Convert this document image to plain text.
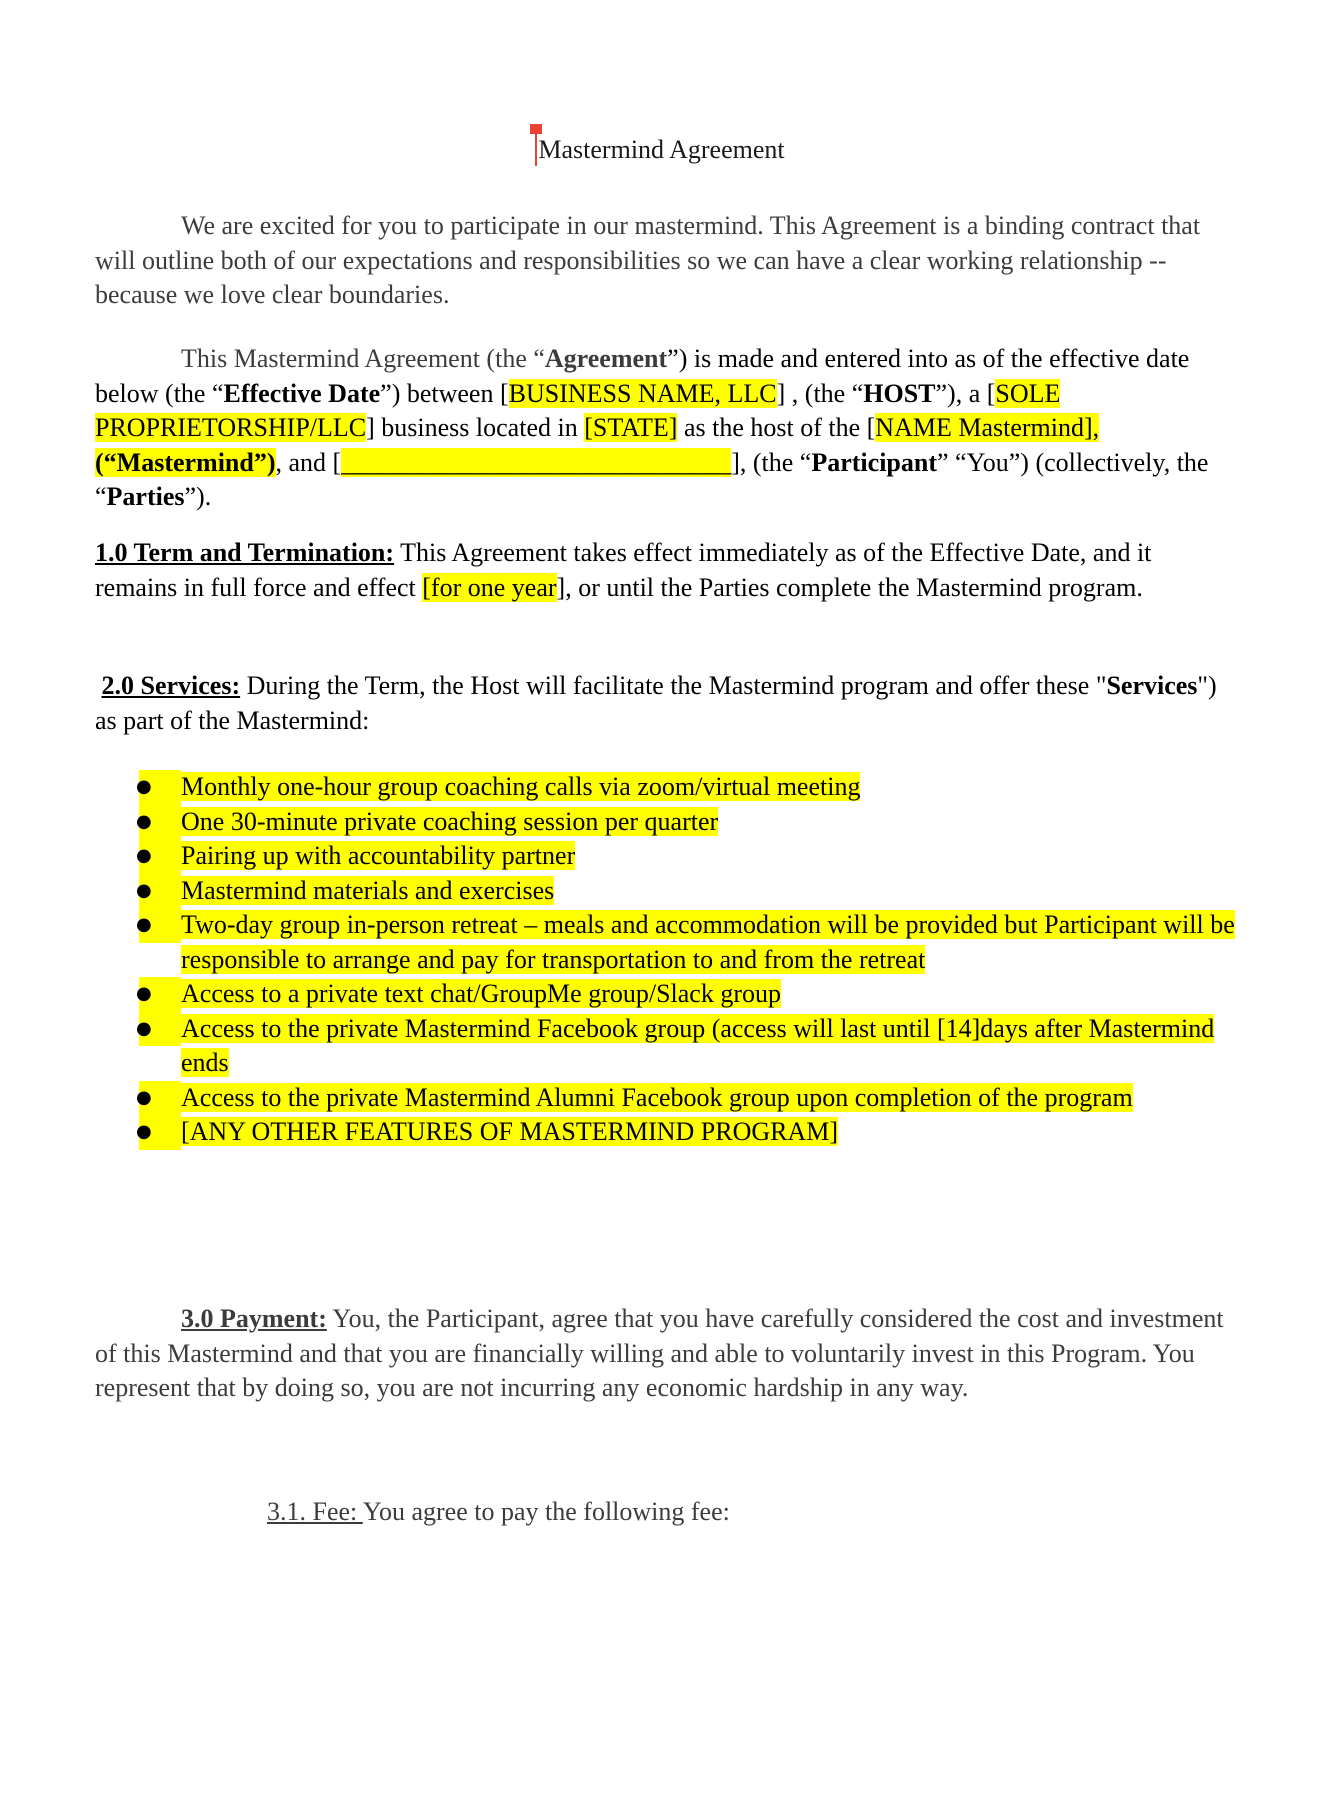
Mastermind Agreement
We are excited for you to participate in our mastermind. This Agreement is a binding contract that will outline both of our expectations and responsibilities so we can have a clear working relationship -- because we love clear boundaries.
This Mastermind Agreement (the “Agreement”) is made and entered into as of the effective date below (the “Effective Date”) between [BUSINESS NAME, LLC] , (the “HOST”), a [SOLE PROPRIETORSHIP/LLC] business located in [STATE] as the host of the [NAME Mastermind], (“Mastermind”), and [______________________________], (the “Participant” “You”) (collectively, the “Parties”).
1.0 Term and Termination: This Agreement takes effect immediately as of the Effective Date, and it remains in full force and effect [for one year], or until the Parties complete the Mastermind program.
2.0 Services: During the Term, the Host will facilitate the Mastermind program and offer these "Services") as part of the Mastermind:
●	Monthly one-hour group coaching calls via zoom/virtual meeting
●	One 30-minute private coaching session per quarter
●	Pairing up with accountability partner
●	Mastermind materials and exercises
●	Two-day group in-person retreat – meals and accommodation will be provided but Participant will be responsible to arrange and pay for transportation to and from the retreat
●	Access to a private text chat/GroupMe group/Slack group
●	Access to the private Mastermind Facebook group (access will last until [14]days after Mastermind ends
●	Access to the private Mastermind Alumni Facebook group upon completion of the program
●	[ANY OTHER FEATURES OF MASTERMIND PROGRAM]
3.0 Payment: You, the Participant, agree that you have carefully considered the cost and investment of this Mastermind and that you are financially willing and able to voluntarily invest in this Program. You represent that by doing so, you are not incurring any economic hardship in any way.
3.1. Fee: You agree to pay the following fee:
